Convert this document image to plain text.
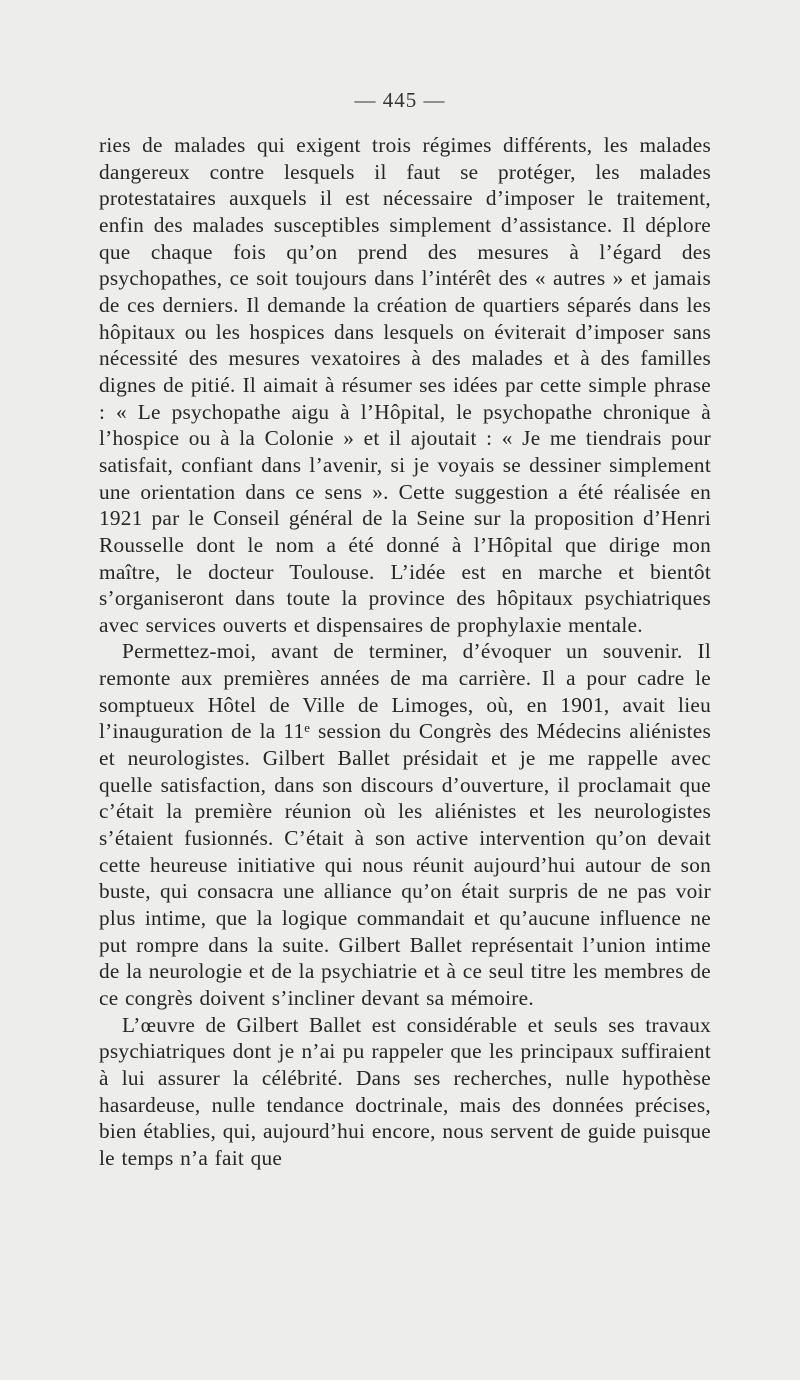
— 445 —

ries de malades qui exigent trois régimes différents, les malades dangereux contre lesquels il faut se protéger, les malades protestataires auxquels il est nécessaire d’imposer le traitement, enfin des malades susceptibles simplement d’assistance. Il déplore que chaque fois qu’on prend des mesures à l’égard des psychopathes, ce soit toujours dans l’intérêt des « autres » et jamais de ces derniers. Il demande la création de quartiers séparés dans les hôpitaux ou les hospices dans lesquels on éviterait d’imposer sans nécessité des mesures vexatoires à des malades et à des familles dignes de pitié. Il aimait à résumer ses idées par cette simple phrase : « Le psychopathe aigu à l’Hôpital, le psychopathe chronique à l’hospice ou à la Colonie » et il ajoutait : « Je me tiendrais pour satisfait, confiant dans l’avenir, si je voyais se dessiner simplement une orientation dans ce sens ». Cette suggestion a été réalisée en 1921 par le Conseil général de la Seine sur la proposition d’Henri Rousselle dont le nom a été donné à l’Hôpital que dirige mon maître, le docteur Toulouse. L’idée est en marche et bientôt s’organiseront dans toute la province des hôpitaux psychiatriques avec services ouverts et dispensaires de prophylaxie mentale.

Permettez-moi, avant de terminer, d’évoquer un souvenir. Il remonte aux premières années de ma carrière. Il a pour cadre le somptueux Hôtel de Ville de Limoges, où, en 1901, avait lieu l’inauguration de la 11ᵉ session du Congrès des Médecins aliénistes et neurologistes. Gilbert Ballet présidait et je me rappelle avec quelle satisfaction, dans son discours d’ouverture, il proclamait que c’était la première réunion où les aliénistes et les neurologistes s’étaient fusionnés. C’était à son active intervention qu’on devait cette heureuse initiative qui nous réunit aujourd’hui autour de son buste, qui consacra une alliance qu’on était surpris de ne pas voir plus intime, que la logique commandait et qu’aucune influence ne put rompre dans la suite. Gilbert Ballet représentait l’union intime de la neurologie et de la psychiatrie et à ce seul titre les membres de ce congrès doivent s’incliner devant sa mémoire.

L’œuvre de Gilbert Ballet est considérable et seuls ses travaux psychiatriques dont je n’ai pu rappeler que les principaux suffiraient à lui assurer la célébrité. Dans ses recherches, nulle hypothèse hasardeuse, nulle tendance doctrinale, mais des données précises, bien établies, qui, aujourd’hui encore, nous servent de guide puisque le temps n’a fait que
